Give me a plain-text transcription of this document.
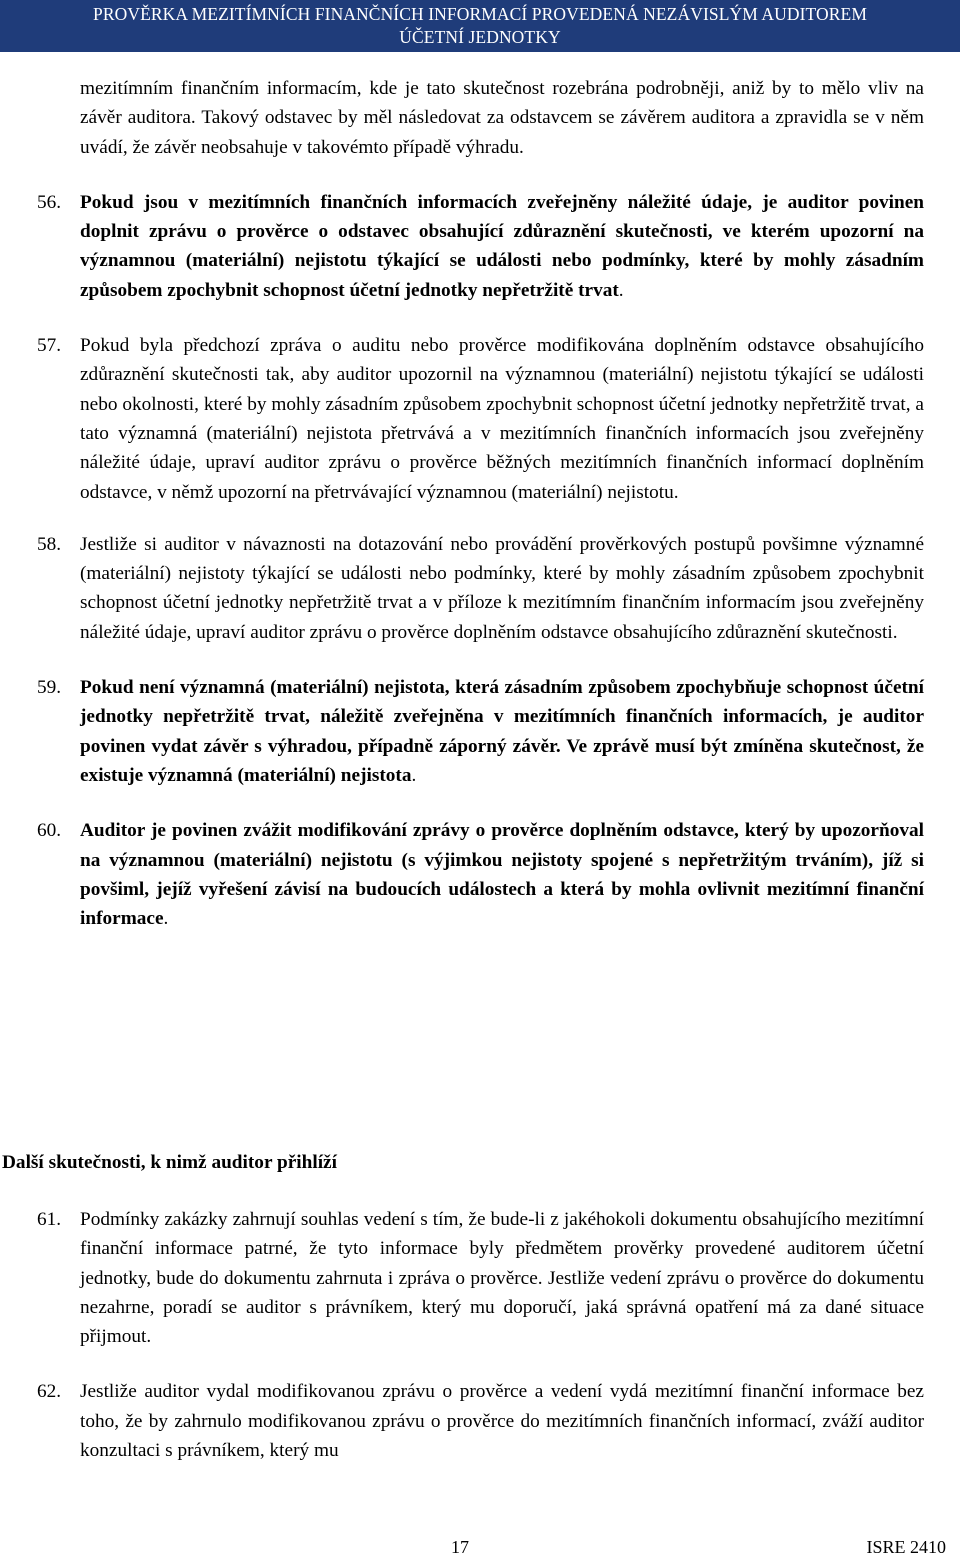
PROVĚRKA MEZITÍMNÍCH FINANČNÍCH INFORMACÍ PROVEDENÁ NEZÁVISLÝM AUDITOREM
ÚČETNÍ JEDNOTKY

mezitímním finančním informacím, kde je tato skutečnost rozebrána podrobněji, aniž by to mělo vliv na závěr auditora. Takový odstavec by měl následovat za odstavcem se závěrem auditora a zpravidla se v něm uvádí, že závěr neobsahuje v takovémto případě výhradu.

56. Pokud jsou v mezitímních finančních informacích zveřejněny náležité údaje, je auditor povinen doplnit zprávu o prověrce o odstavec obsahující zdůraznění skutečnosti, ve kterém upozorní na významnou (materiální) nejistotu týkající se události nebo podmínky, které by mohly zásadním způsobem zpochybnit schopnost účetní jednotky nepřetržitě trvat.
57. Pokud byla předchozí zpráva o auditu nebo prověrce modifikována doplněním odstavce obsahujícího zdůraznění skutečnosti tak, aby auditor upozornil na významnou (materiální) nejistotu týkající se události nebo okolnosti, které by mohly zásadním způsobem zpochybnit schopnost účetní jednotky nepřetržitě trvat, a tato významná (materiální) nejistota přetrvává a v mezitímních finančních informacích jsou zveřejněny náležité údaje, upraví auditor zprávu o prověrce běžných mezitímních finančních informací doplněním odstavce, v němž upozorní na přetrvávající významnou (materiální) nejistotu.
58. Jestliže si auditor v návaznosti na dotazování nebo provádění prověrkových postupů povšimne významné (materiální) nejistoty týkající se události nebo podmínky, které by mohly zásadním způsobem zpochybnit schopnost účetní jednotky nepřetržitě trvat a v příloze k mezitímním finančním informacím jsou zveřejněny náležité údaje, upraví auditor zprávu o prověrce doplněním odstavce obsahujícího zdůraznění skutečnosti.
59. Pokud není významná (materiální) nejistota, která zásadním způsobem zpochybňuje schopnost účetní jednotky nepřetržitě trvat, náležitě zveřejněna v mezitímních finančních informacích, je auditor povinen vydat závěr s výhradou, případně záporný závěr. Ve zprávě musí být zmíněna skutečnost, že existuje významná (materiální) nejistota.
60. Auditor je povinen zvážit modifikování zprávy o prověrce doplněním odstavce, který by upozorňoval na významnou (materiální) nejistotu (s výjimkou nejistoty spojené s nepřetržitým trváním), jíž si povšiml, jejíž vyřešení závisí na budoucích událostech a která by mohla ovlivnit mezitímní finanční informace.
Další skutečnosti, k nimž auditor přihlíží
61. Podmínky zakázky zahrnují souhlas vedení s tím, že bude-li z jakéhokoli dokumentu obsahujícího mezitímní finanční informace patrné, že tyto informace byly předmětem prověrky provedené auditorem účetní jednotky, bude do dokumentu zahrnuta i zpráva o prověrce. Jestliže vedení zprávu o prověrce do dokumentu nezahrne, poradí se auditor s právníkem, který mu doporučí, jaká správná opatření má za dané situace přijmout.
62. Jestliže auditor vydal modifikovanou zprávu o prověrce a vedení vydá mezitímní finanční informace bez toho, že by zahrnulo modifikovanou zprávu o prověrce do mezitímních finančních informací, zváží auditor konzultaci s právníkem, který mu
17	ISRE 2410
